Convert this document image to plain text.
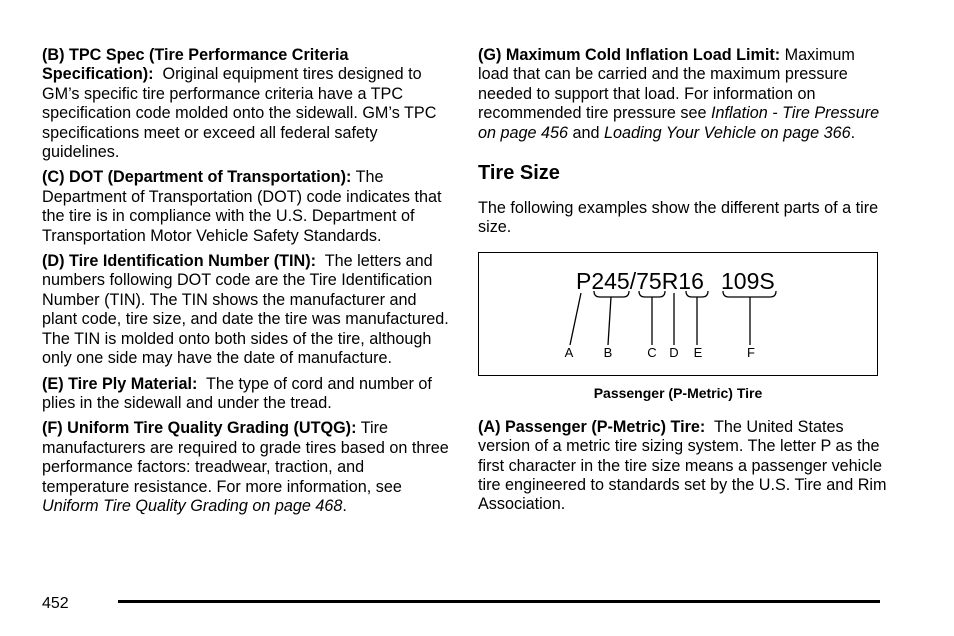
(B) TPC Spec (Tire Performance Criteria Specification): Original equipment tires designed to GM’s specific tire performance criteria have a TPC specification code molded onto the sidewall. GM’s TPC specifications meet or exceed all federal safety guidelines.

(C) DOT (Department of Transportation): The Department of Transportation (DOT) code indicates that the tire is in compliance with the U.S. Department of Transportation Motor Vehicle Safety Standards.

(D) Tire Identification Number (TIN): The letters and numbers following DOT code are the Tire Identification Number (TIN). The TIN shows the manufacturer and plant code, tire size, and date the tire was manufactured. The TIN is molded onto both sides of the tire, although only one side may have the date of manufacture.

(E) Tire Ply Material: The type of cord and number of plies in the sidewall and under the tread.

(F) Uniform Tire Quality Grading (UTQG): Tire manufacturers are required to grade tires based on three performance factors: treadwear, traction, and temperature resistance. For more information, see Uniform Tire Quality Grading on page 468.

(G) Maximum Cold Inflation Load Limit: Maximum load that can be carried and the maximum pressure needed to support that load. For information on recommended tire pressure see Inflation - Tire Pressure on page 456 and Loading Your Vehicle on page 366.

Tire Size

The following examples show the different parts of a tire size.

P245/75R16 109S
A B	C D E	F
Passenger (P-Metric) Tire

(A) Passenger (P-Metric) Tire: The United States version of a metric tire sizing system. The letter P as the first character in the tire size means a passenger vehicle tire engineered to standards set by the U.S. Tire and Rim Association.

452
